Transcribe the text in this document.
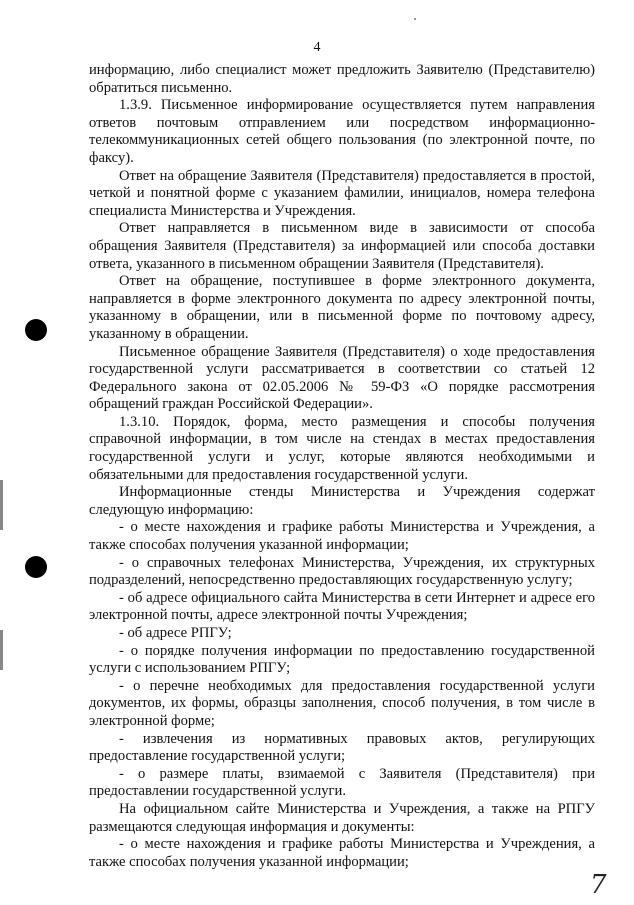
4

информацию, либо специалист может предложить Заявителю (Представителю) обратиться письменно.

1.3.9. Письменное информирование осуществляется путем направления ответов почтовым отправлением или посредством информационно-телекоммуникационных сетей общего пользования (по электронной почте, по факсу).

Ответ на обращение Заявителя (Представителя) предоставляется в простой, четкой и понятной форме с указанием фамилии, инициалов, номера телефона специалиста Министерства и Учреждения.

Ответ направляется в письменном виде в зависимости от способа обращения Заявителя (Представителя) за информацией или способа доставки ответа, указанного в письменном обращении Заявителя (Представителя).

Ответ на обращение, поступившее в форме электронного документа, направляется в форме электронного документа по адресу электронной почты, указанному в обращении, или в письменной форме по почтовому адресу, указанному в обращении.

Письменное обращение Заявителя (Представителя) о ходе предоставления государственной услуги рассматривается в соответствии со статьей 12 Федерального закона от 02.05.2006 № 59-ФЗ «О порядке рассмотрения обращений граждан Российской Федерации».

1.3.10. Порядок, форма, место размещения и способы получения справочной информации, в том числе на стендах в местах предоставления государственной услуги и услуг, которые являются необходимыми и обязательными для предоставления государственной услуги.

Информационные стенды Министерства и Учреждения содержат следующую информацию:

- о месте нахождения и графике работы Министерства и Учреждения, а также способах получения указанной информации;

- о справочных телефонах Министерства, Учреждения, их структурных подразделений, непосредственно предоставляющих государственную услугу;

- об адресе официального сайта Министерства в сети Интернет и адресе его электронной почты, адресе электронной почты Учреждения;

- об адресе РПГУ;

- о порядке получения информации по предоставлению государственной услуги с использованием РПГУ;

- о перечне необходимых для предоставления государственной услуги документов, их формы, образцы заполнения, способ получения, в том числе в электронной форме;

- извлечения из нормативных правовых актов, регулирующих предоставление государственной услуги;

- о размере платы, взимаемой с Заявителя (Представителя) при предоставлении государственной услуги.

На официальном сайте Министерства и Учреждения, а также на РПГУ размещаются следующая информация и документы:

- о месте нахождения и графике работы Министерства и Учреждения, а также способах получения указанной информации;

7
